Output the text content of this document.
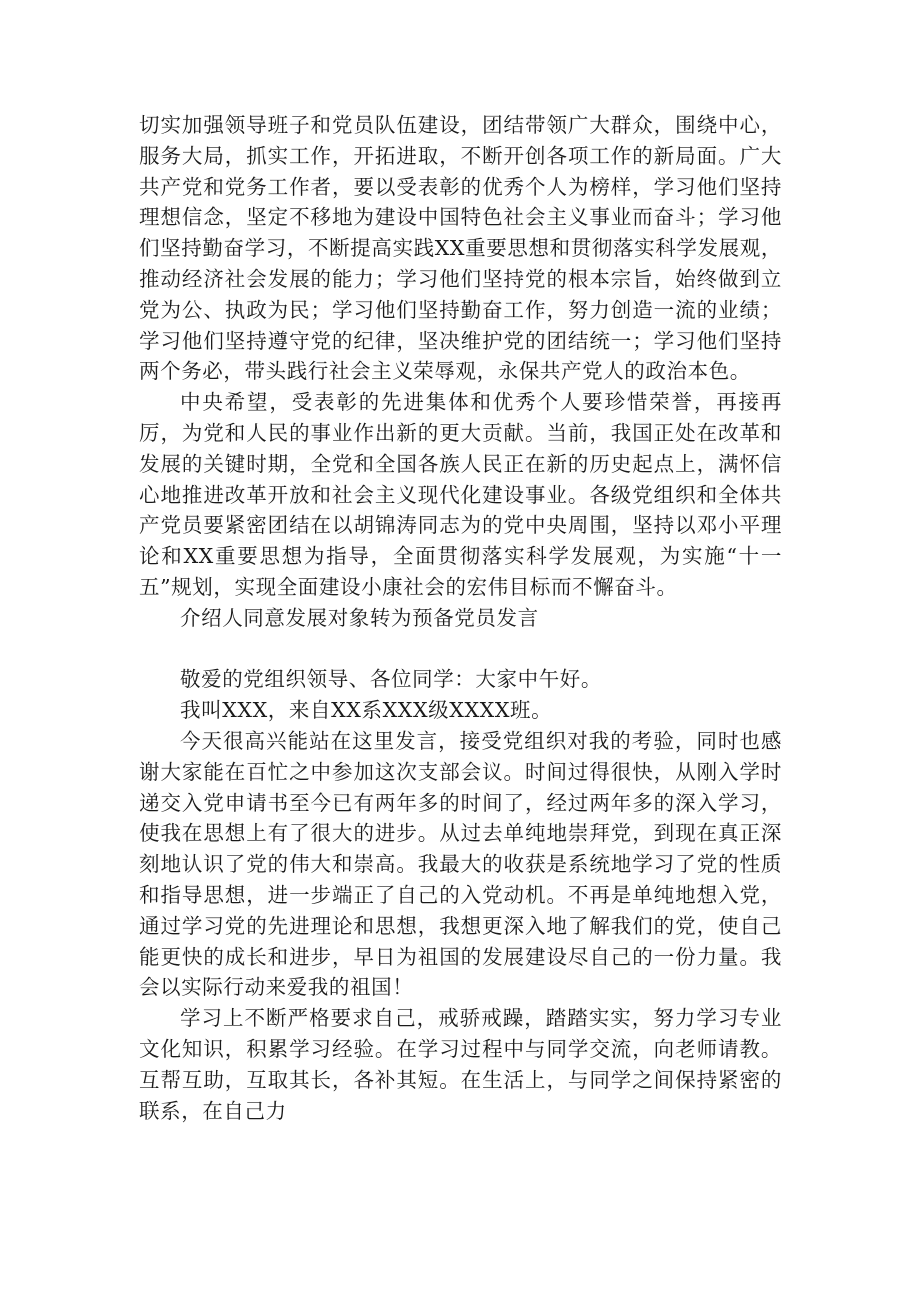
切实加强领导班子和党员队伍建设，团结带领广大群众，围绕中心，服务大局，抓实工作，开拓进取，不断开创各项工作的新局面。广大共产党和党务工作者，要以受表彰的优秀个人为榜样，学习他们坚持理想信念，坚定不移地为建设中国特色社会主义事业而奋斗；学习他们坚持勤奋学习，不断提高实践XX重要思想和贯彻落实科学发展观，推动经济社会发展的能力；学习他们坚持党的根本宗旨，始终做到立党为公、执政为民；学习他们坚持勤奋工作，努力创造一流的业绩；学习他们坚持遵守党的纪律，坚决维护党的团结统一；学习他们坚持两个务必，带头践行社会主义荣辱观，永保共产党人的政治本色。

中央希望，受表彰的先进集体和优秀个人要珍惜荣誉，再接再厉，为党和人民的事业作出新的更大贡献。当前，我国正处在改革和发展的关键时期，全党和全国各族人民正在新的历史起点上，满怀信心地推进改革开放和社会主义现代化建设事业。各级党组织和全体共产党员要紧密团结在以胡锦涛同志为的党中央周围，坚持以邓小平理论和XX重要思想为指导，全面贯彻落实科学发展观，为实施“十一五”规划，实现全面建设小康社会的宏伟目标而不懈奋斗。

介绍人同意发展对象转为预备党员发言

敬爱的党组织领导、各位同学：大家中午好。

我叫XXX，来自XX系XXX级XXXX班。

今天很高兴能站在这里发言，接受党组织对我的考验，同时也感谢大家能在百忙之中参加这次支部会议。时间过得很快，从刚入学时递交入党申请书至今已有两年多的时间了，经过两年多的深入学习，使我在思想上有了很大的进步。从过去单纯地崇拜党，到现在真正深刻地认识了党的伟大和崇高。我最大的收获是系统地学习了党的性质和指导思想，进一步端正了自己的入党动机。不再是单纯地想入党，通过学习党的先进理论和思想，我想更深入地了解我们的党，使自己能更快的成长和进步，早日为祖国的发展建设尽自己的一份力量。我会以实际行动来爱我的祖国！

学习上不断严格要求自己，戒骄戒躁，踏踏实实，努力学习专业文化知识，积累学习经验。在学习过程中与同学交流，向老师请教。互帮互助，互取其长，各补其短。在生活上，与同学之间保持紧密的联系，在自己力
